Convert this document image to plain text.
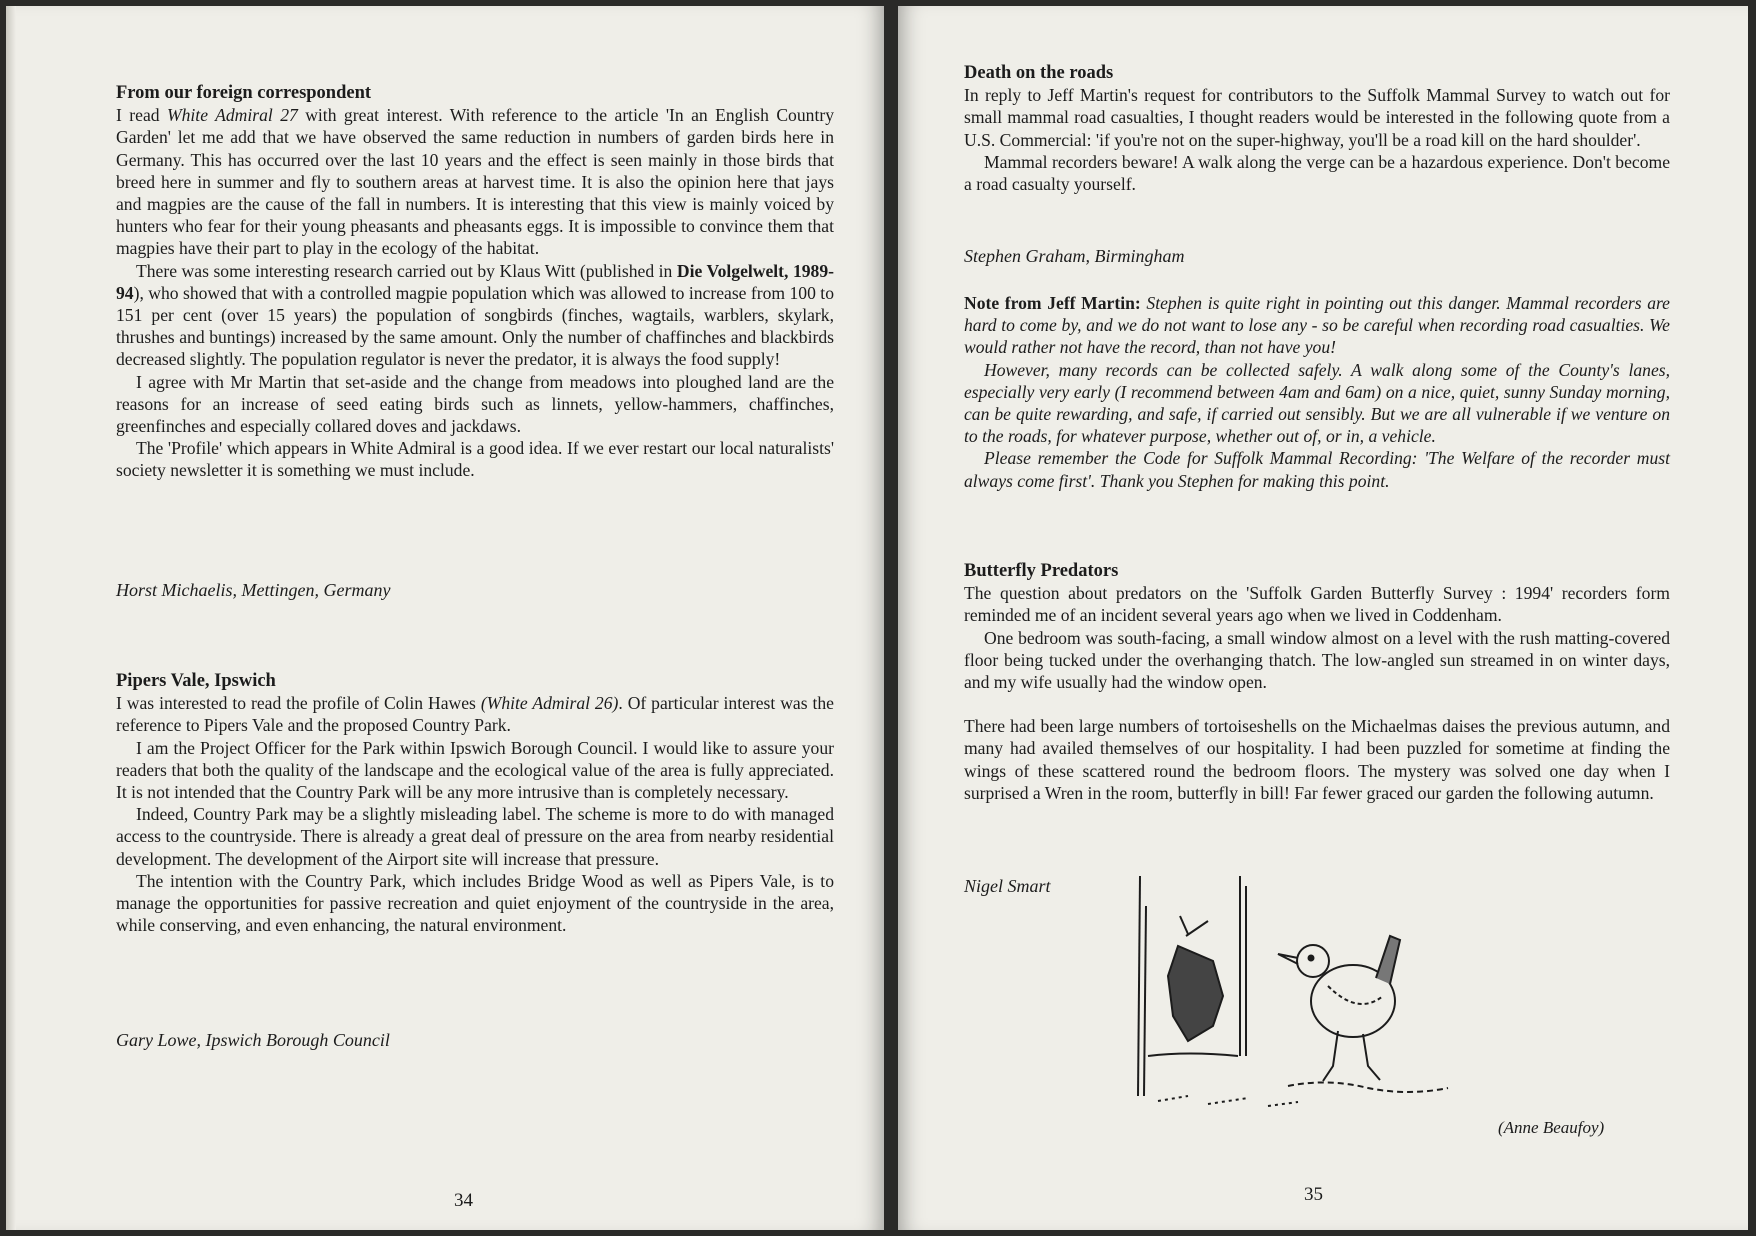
From our foreign correspondent

I read White Admiral 27 with great interest. With reference to the article 'In an English Country Garden' let me add that we have observed the same reduction in numbers of garden birds here in Germany. This has occurred over the last 10 years and the effect is seen mainly in those birds that breed here in summer and fly to southern areas at harvest time. It is also the opinion here that jays and magpies are the cause of the fall in numbers. It is interesting that this view is mainly voiced by hunters who fear for their young pheasants and pheasants eggs. It is impossible to convince them that magpies have their part to play in the ecology of the habitat.

There was some interesting research carried out by Klaus Witt (published in Die Volgelwelt, 1989-94), who showed that with a controlled magpie population which was allowed to increase from 100 to 151 per cent (over 15 years) the population of songbirds (finches, wagtails, warblers, skylark, thrushes and buntings) increased by the same amount. Only the number of chaffinches and blackbirds decreased slightly. The population regulator is never the predator, it is always the food supply!

I agree with Mr Martin that set-aside and the change from meadows into ploughed land are the reasons for an increase of seed eating birds such as linnets, yellow-hammers, chaffinches, greenfinches and especially collared doves and jackdaws.

The 'Profile' which appears in White Admiral is a good idea. If we ever restart our local naturalists' society newsletter it is something we must include.

Horst Michaelis, Mettingen, Germany

Pipers Vale, Ipswich

I was interested to read the profile of Colin Hawes (White Admiral 26). Of particular interest was the reference to Pipers Vale and the proposed Country Park.

I am the Project Officer for the Park within Ipswich Borough Council. I would like to assure your readers that both the quality of the landscape and the ecological value of the area is fully appreciated. It is not intended that the Country Park will be any more intrusive than is completely necessary.

Indeed, Country Park may be a slightly misleading label. The scheme is more to do with managed access to the countryside. There is already a great deal of pressure on the area from nearby residential development. The development of the Airport site will increase that pressure.

The intention with the Country Park, which includes Bridge Wood as well as Pipers Vale, is to manage the opportunities for passive recreation and quiet enjoyment of the countryside in the area, while conserving, and even enhancing, the natural environment.

Gary Lowe, Ipswich Borough Council
34

Death on the roads

In reply to Jeff Martin's request for contributors to the Suffolk Mammal Survey to watch out for small mammal road casualties, I thought readers would be interested in the following quote from a U.S. Commercial: 'if you're not on the super-highway, you'll be a road kill on the hard shoulder'.

Mammal recorders beware! A walk along the verge can be a hazardous experience. Don't become a road casualty yourself.

Stephen Graham, Birmingham

Note from Jeff Martin: Stephen is quite right in pointing out this danger. Mammal recorders are hard to come by, and we do not want to lose any - so be careful when recording road casualties. We would rather not have the record, than not have you!

However, many records can be collected safely. A walk along some of the County's lanes, especially very early (I recommend between 4am and 6am) on a nice, quiet, sunny Sunday morning, can be quite rewarding, and safe, if carried out sensibly. But we are all vulnerable if we venture on to the roads, for whatever purpose, whether out of, or in, a vehicle.

Please remember the Code for Suffolk Mammal Recording: 'The Welfare of the recorder must always come first'. Thank you Stephen for making this point.

Butterfly Predators

The question about predators on the 'Suffolk Garden Butterfly Survey : 1994' recorders form reminded me of an incident several years ago when we lived in Coddenham.

One bedroom was south-facing, a small window almost on a level with the rush matting-covered floor being tucked under the overhanging thatch. The low-angled sun streamed in on winter days, and my wife usually had the window open.

There had been large numbers of tortoiseshells on the Michaelmas daises the previous autumn, and many had availed themselves of our hospitality. I had been puzzled for sometime at finding the wings of these scattered round the bedroom floors. The mystery was solved one day when I surprised a Wren in the room, butterfly in bill! Far fewer graced our garden the following autumn.

Nigel Smart
(Anne Beaufoy)
35
